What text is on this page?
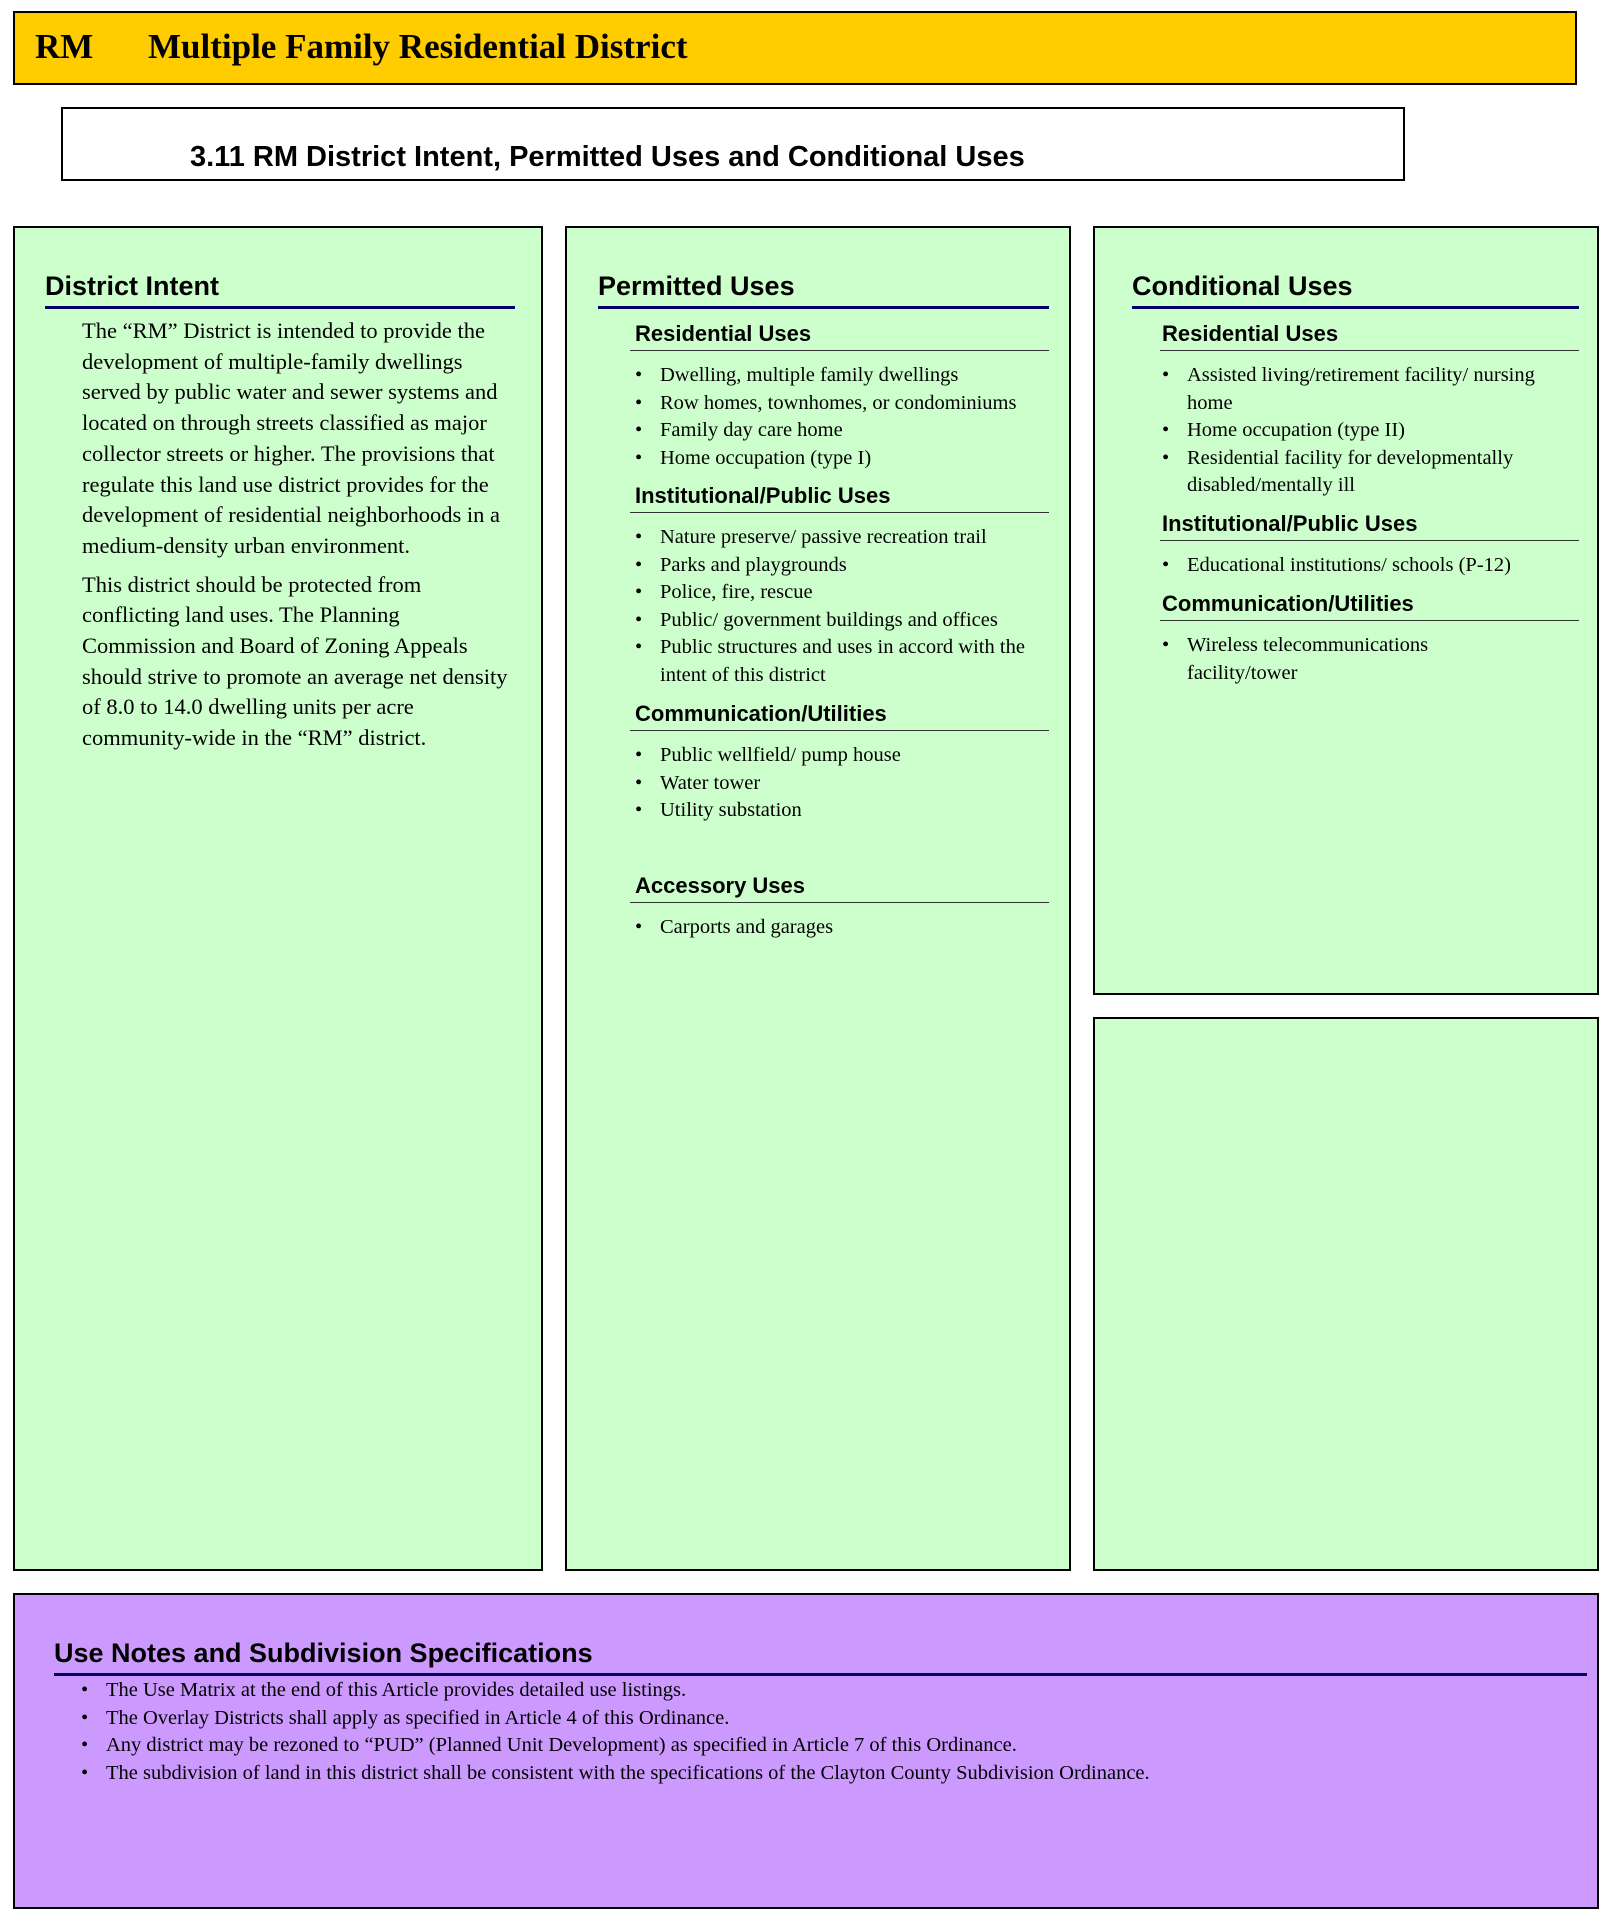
RM Multiple Family Residential District
3.11 RM District Intent, Permitted Uses and Conditional Uses
District Intent

The “RM” District is intended to provide the development of multiple-family dwellings served by public water and sewer systems and located on through streets classified as major collector streets or higher. The provisions that regulate this land use district provides for the development of residential neighborhoods in a medium-density urban environment.

This district should be protected from conflicting land uses. The Planning Commission and Board of Zoning Appeals should strive to promote an average net density of 8.0 to 14.0 dwelling units per acre community-wide in the “RM” district.

Permitted Uses
Residential Uses
• Dwelling, multiple family dwellings
• Row homes, townhomes, or condominiums
• Family day care home
• Home occupation (type I)
Institutional/Public Uses
• Nature preserve/ passive recreation trail
• Parks and playgrounds
• Police, fire, rescue
• Public/ government buildings and offices
• Public structures and uses in accord with the intent of this district
Communication/Utilities
• Public wellfield/ pump house
• Water tower
• Utility substation
Accessory Uses
• Carports and garages
Conditional Uses
Residential Uses
• Assisted living/retirement facility/ nursing home
• Home occupation (type II)
• Residential facility for developmentally disabled/mentally ill
Institutional/Public Uses
• Educational institutions/ schools (P-12)
Communication/Utilities
• Wireless telecommunications facility/tower
Use Notes and Subdivision Specifications
• The Use Matrix at the end of this Article provides detailed use listings.
• The Overlay Districts shall apply as specified in Article 4 of this Ordinance.
• Any district may be rezoned to “PUD” (Planned Unit Development) as specified in Article 7 of this Ordinance.
• The subdivision of land in this district shall be consistent with the specifications of the Clayton County Subdivision Ordinance.
